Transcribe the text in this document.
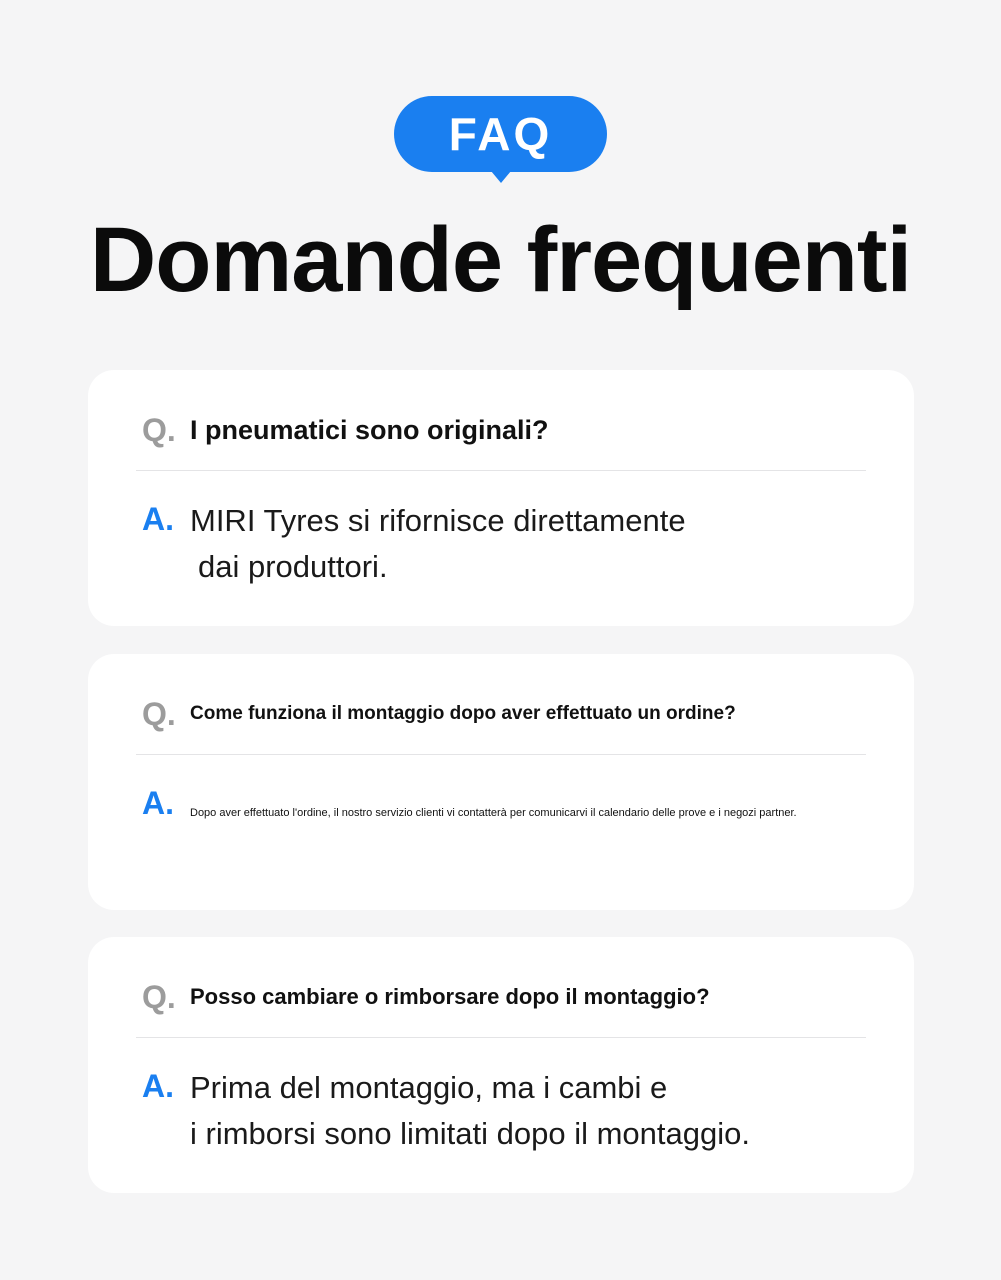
FAQ
Domande frequenti
Q. I pneumatici sono originali?
A. MIRI Tyres si rifornisce direttamente
dai produttori.
Q. Come funziona il montaggio dopo aver effettuato un ordine?
A.	Dopo aver effettuato l'ordine, il nostro servizio clienti vi contatterà per comunicarvi il calendario delle prove e i negozi partner.
Q. Posso cambiare o rimborsare dopo il montaggio?
A. Prima del montaggio, ma i cambi e
i rimborsi sono limitati dopo il montaggio.
